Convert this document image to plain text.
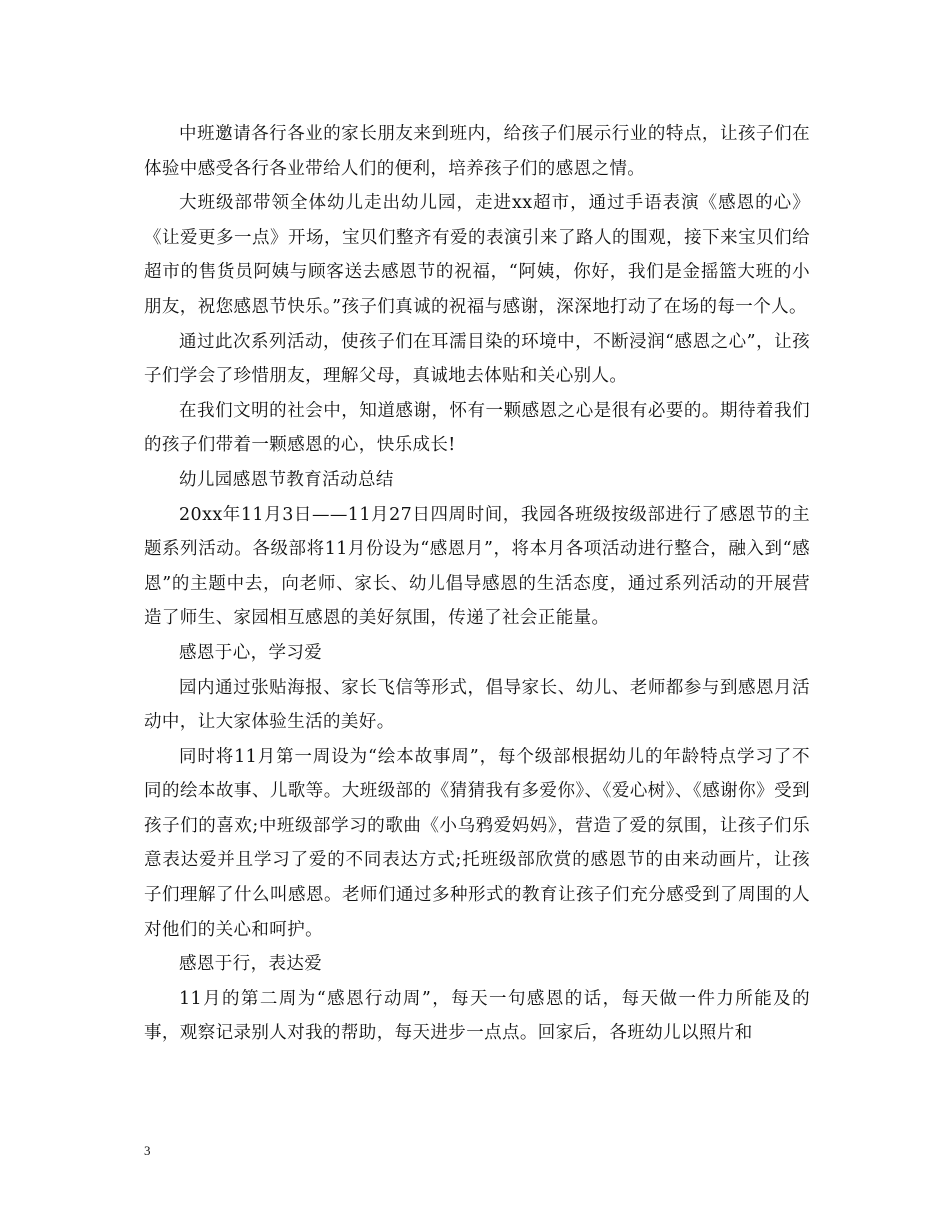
中班邀请各行各业的家长朋友来到班内，给孩子们展示行业的特点，让孩子们在体验中感受各行各业带给人们的便利，培养孩子们的感恩之情。

大班级部带领全体幼儿走出幼儿园，走进xx超市，通过手语表演《感恩的心》《让爱更多一点》开场，宝贝们整齐有爱的表演引来了路人的围观，接下来宝贝们给超市的售货员阿姨与顾客送去感恩节的祝福，“阿姨，你好，我们是金摇篮大班的小朋友，祝您感恩节快乐。”孩子们真诚的祝福与感谢，深深地打动了在场的每一个人。

通过此次系列活动，使孩子们在耳濡目染的环境中，不断浸润“感恩之心”，让孩子们学会了珍惜朋友，理解父母，真诚地去体贴和关心别人。

在我们文明的社会中，知道感谢，怀有一颗感恩之心是很有必要的。期待着我们的孩子们带着一颗感恩的心，快乐成长!

幼儿园感恩节教育活动总结

20xx年11月3日——11月27日四周时间，我园各班级按级部进行了感恩节的主题系列活动。各级部将11月份设为“感恩月”，将本月各项活动进行整合，融入到“感恩”的主题中去，向老师、家长、幼儿倡导感恩的生活态度，通过系列活动的开展营造了师生、家园相互感恩的美好氛围，传递了社会正能量。

感恩于心，学习爱

园内通过张贴海报、家长飞信等形式，倡导家长、幼儿、老师都参与到感恩月活动中，让大家体验生活的美好。

同时将11月第一周设为“绘本故事周”，每个级部根据幼儿的年龄特点学习了不同的绘本故事、儿歌等。大班级部的《猜猜我有多爱你》、《爱心树》、《感谢你》受到孩子们的喜欢;中班级部学习的歌曲《小乌鸦爱妈妈》，营造了爱的氛围，让孩子们乐意表达爱并且学习了爱的不同表达方式;托班级部欣赏的感恩节的由来动画片，让孩子们理解了什么叫感恩。老师们通过多种形式的教育让孩子们充分感受到了周围的人对他们的关心和呵护。

感恩于行，表达爱

11月的第二周为“感恩行动周”，每天一句感恩的话，每天做一件力所能及的事，观察记录别人对我的帮助，每天进步一点点。回家后，各班幼儿以照片和

3
